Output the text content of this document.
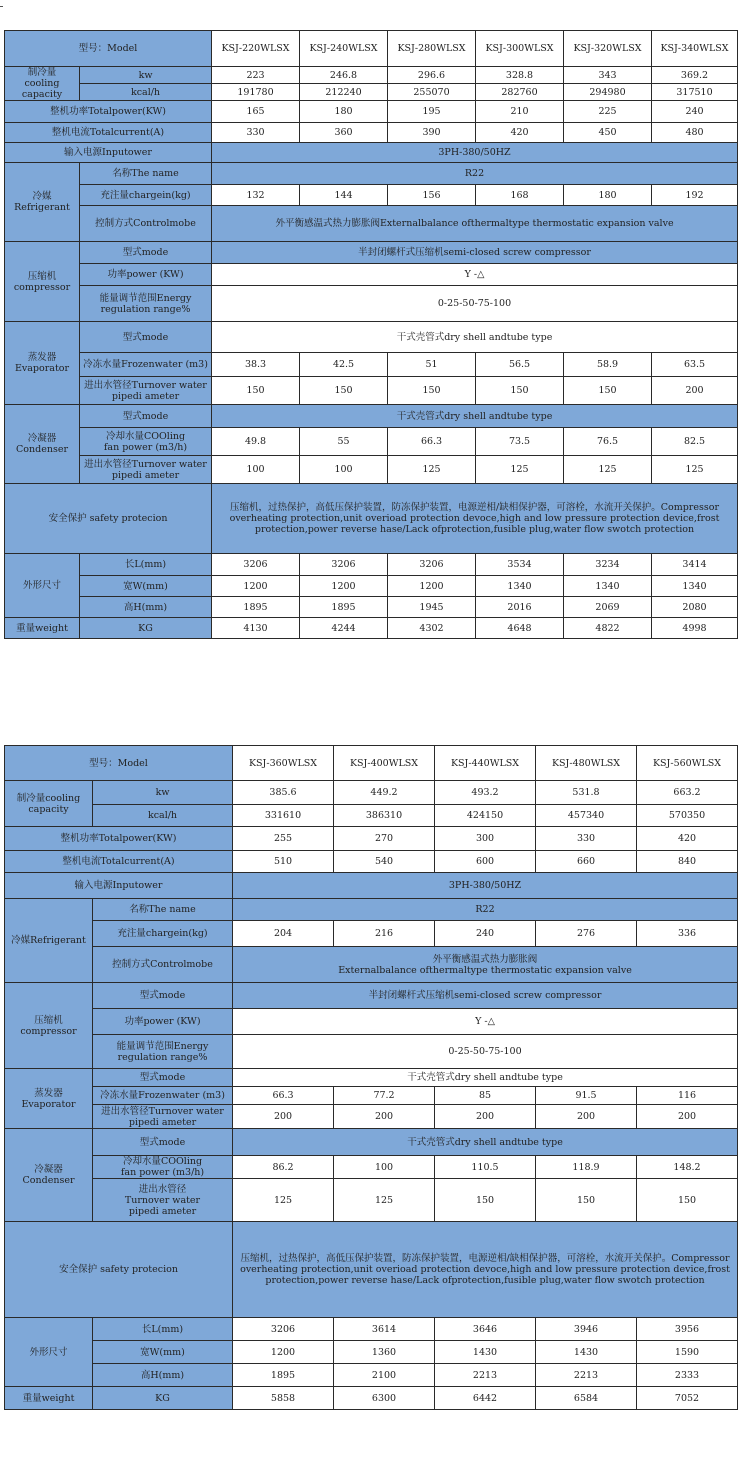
型号：Model		KSJ-220WLSX	KSJ-240WLSX	KSJ-280WLSX	KSJ-300WLSX	KSJ-320WLSX	KSJ-340WLSX
制冷量
cooling
capacity	kw	223	246.8	296.6	328.8	343	369.2
	kcal/h	191780	212240	255070	282760	294980	317510
整机功率Totalpower(KW)		165	180	195	210	225	240
整机电流Totalcurrent(A)		330	360	390	420	450	480
输入电源Inputower		3PH-380/50HZ					
冷媒
Refrigerant	名称The name	R22					
	充注量chargein(kg)	132	144	156	168	180	192
	控制方式Controlmobe	外平衡感温式热力膨胀阀Externalbalance ofthermaltype thermostatic expansion valve					
压缩机
compressor	型式mode	半封闭螺杆式压缩机semi-closed screw compressor					
	功率power (KW)	Y -△					
	能量调节范围Energy
regulation range%	0-25-50-75-100					
蒸发器
Evaporator	型式mode	干式壳管式dry shell andtube type					
	冷冻水量Frozenwater (m3)	38.3	42.5	51	56.5	58.9	63.5
	进出水管径Turnover water
pipedi ameter	150	150	150	150	150	200
冷凝器
Condenser	型式mode	干式壳管式dry shell andtube type					
	冷却水量COOling
fan power (m3/h)	49.8	55	66.3	73.5	76.5	82.5
	进出水管径Turnover water
pipedi ameter	100	100	125	125	125	125
安全保护 safety protecion		压缩机，过热保护，高低压保护装置，防冻保护装置，电源逆相/缺相保护器，可溶栓，水流开关保护。Compressor overheating protection,unit overioad protection devoce,high and low pressure protection device,frost protection,power reverse hase/Lack ofprotection,fusible plug,water flow swotch protection					
外形尺寸	长L(mm)	3206	3206	3206	3534	3234	3414
	宽W(mm)	1200	1200	1200	1340	1340	1340
	高H(mm)	1895	1895	1945	2016	2069	2080
重量weight	KG	4130	4244	4302	4648	4822	4998
型号：Model		KSJ-360WLSX	KSJ-400WLSX	KSJ-440WLSX	KSJ-480WLSX	KSJ-560WLSX
制冷量cooling
capacity	kw	385.6	449.2	493.2	531.8	663.2
	kcal/h	331610	386310	424150	457340	570350
整机功率Totalpower(KW)		255	270	300	330	420
整机电流Totalcurrent(A)		510	540	600	660	840
输入电源Inputower		3PH-380/50HZ				
冷媒Refrigerant	名称The name	R22				
	充注量chargein(kg)	204	216	240	276	336
	控制方式Controlmobe	外平衡感温式热力膨胀阀
Externalbalance ofthermaltype thermostatic expansion valve				
压缩机
compressor	型式mode	半封闭螺杆式压缩机semi-closed screw compressor				
	功率power (KW)	Y -△				
	能量调节范围Energy
regulation range%	0-25-50-75-100				
蒸发器
Evaporator	型式mode	干式壳管式dry shell andtube type				
	冷冻水量Frozenwater (m3)	66.3	77.2	85	91.5	116
	进出水管径Turnover water
pipedi ameter	200	200	200	200	200
冷凝器
Condenser	型式mode	干式壳管式dry shell andtube type				
	冷却水量COOling
fan power (m3/h)	86.2	100	110.5	118.9	148.2
	进出水管径
Turnover water
pipedi ameter	125	125	150	150	150
安全保护 safety protecion		压缩机，过热保护，高低压保护装置，防冻保护装置，电源逆相/缺相保护器，可溶栓，水流开关保护。Compressor overheating protection,unit overioad protection devoce,high and low pressure protection device,frost protection,power reverse hase/Lack ofprotection,fusible plug,water flow swotch protection				
外形尺寸	长L(mm)	3206	3614	3646	3946	3956
	宽W(mm)	1200	1360	1430	1430	1590
	高H(mm)	1895	2100	2213	2213	2333
重量weight	KG	5858	6300	6442	6584	7052
